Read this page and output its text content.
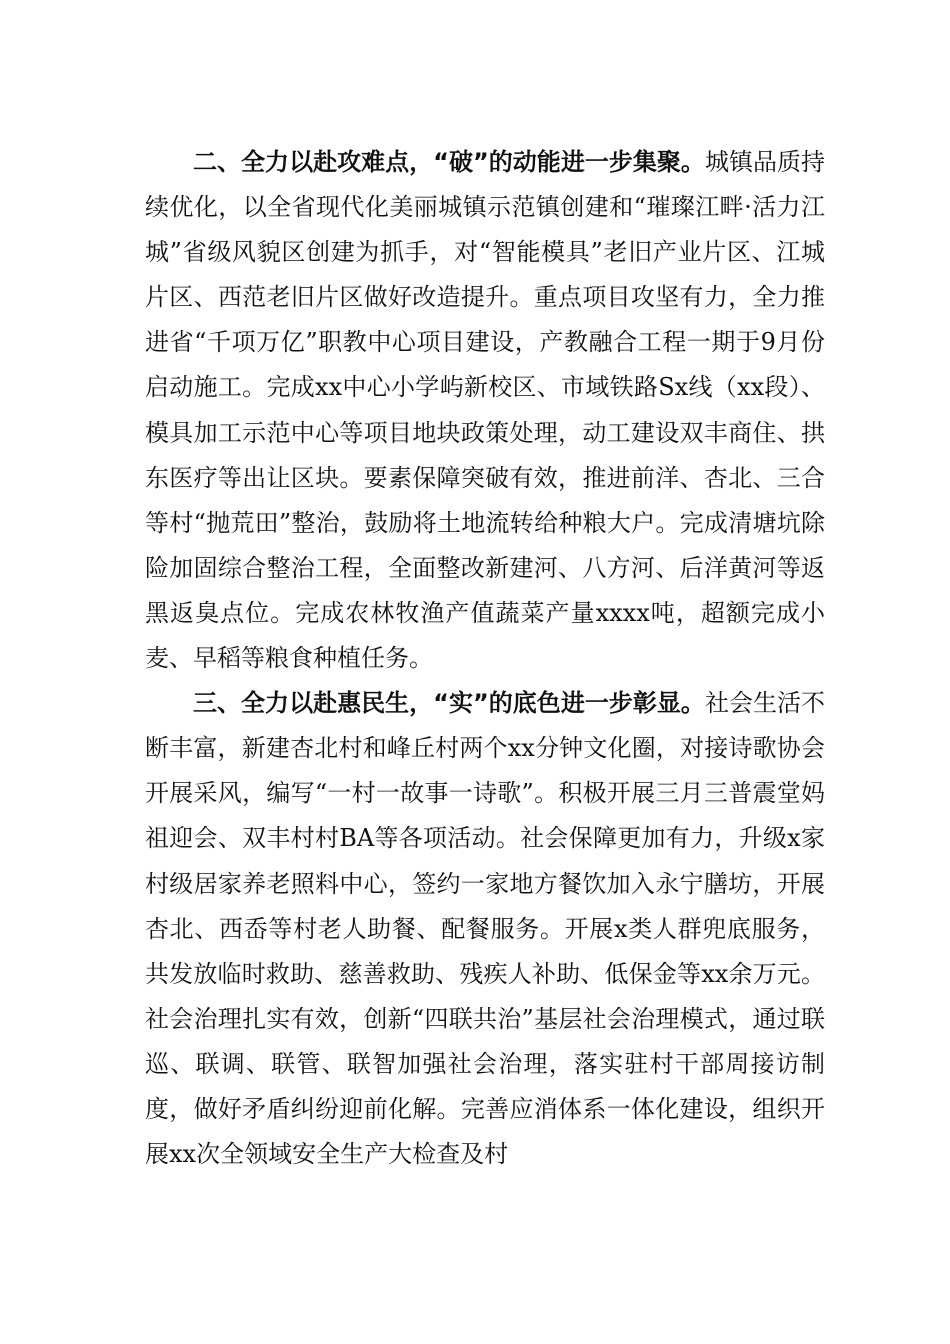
二、全力以赴攻难点，“破”的动能进一步集聚。城镇品质持续优化，以全省现代化美丽城镇示范镇创建和“璀璨江畔·活力江城”省级风貌区创建为抓手，对“智能模具”老旧产业片区、江城片区、西范老旧片区做好改造提升。重点项目攻坚有力，全力推进省“千项万亿”职教中心项目建设，产教融合工程一期于9月份启动施工。完成xx中心小学屿新校区、市域铁路Sx线（xx段）、模具加工示范中心等项目地块政策处理，动工建设双丰商住、拱东医疗等出让区块。要素保障突破有效，推进前洋、杏北、三合等村“抛荒田”整治，鼓励将土地流转给种粮大户。完成清塘坑除险加固综合整治工程，全面整改新建河、八方河、后洋黄河等返黑返臭点位。完成农林牧渔产值蔬菜产量xxxx吨，超额完成小麦、早稻等粮食种植任务。

三、全力以赴惠民生，“实”的底色进一步彰显。社会生活不断丰富，新建杏北村和峰丘村两个xx分钟文化圈，对接诗歌协会开展采风，编写“一村一故事一诗歌”。积极开展三月三普震堂妈祖迎会、双丰村村BA等各项活动。社会保障更加有力，升级x家村级居家养老照料中心，签约一家地方餐饮加入永宁膳坊，开展杏北、西岙等村老人助餐、配餐服务。开展x类人群兜底服务，共发放临时救助、慈善救助、残疾人补助、低保金等xx余万元。社会治理扎实有效，创新“四联共治”基层社会治理模式，通过联巡、联调、联管、联智加强社会治理，落实驻村干部周接访制度，做好矛盾纠纷迎前化解。完善应消体系一体化建设，组织开展xx次全领域安全生产大检查及村
